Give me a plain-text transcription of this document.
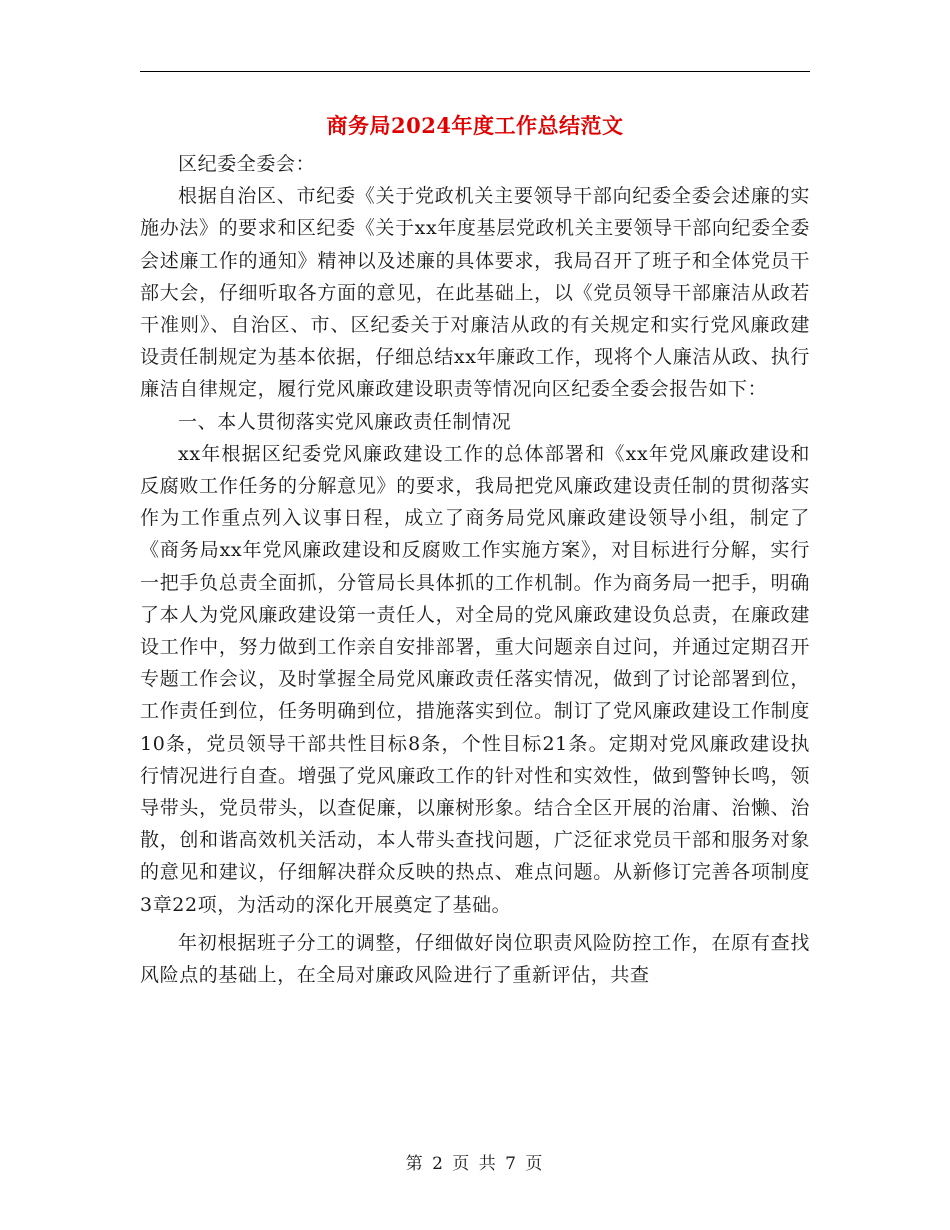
商务局2024年度工作总结范文

区纪委全委会：

根据自治区、市纪委《关于党政机关主要领导干部向纪委全委会述廉的实施办法》的要求和区纪委《关于xx年度基层党政机关主要领导干部向纪委全委会述廉工作的通知》精神以及述廉的具体要求，我局召开了班子和全体党员干部大会，仔细听取各方面的意见，在此基础上，以《党员领导干部廉洁从政若干准则》、自治区、市、区纪委关于对廉洁从政的有关规定和实行党风廉政建设责任制规定为基本依据，仔细总结xx年廉政工作，现将个人廉洁从政、执行廉洁自律规定，履行党风廉政建设职责等情况向区纪委全委会报告如下：

一、本人贯彻落实党风廉政责任制情况

xx年根据区纪委党风廉政建设工作的总体部署和《xx年党风廉政建设和反腐败工作任务的分解意见》的要求，我局把党风廉政建设责任制的贯彻落实作为工作重点列入议事日程，成立了商务局党风廉政建设领导小组，制定了《商务局xx年党风廉政建设和反腐败工作实施方案》，对目标进行分解，实行一把手负总责全面抓，分管局长具体抓的工作机制。作为商务局一把手，明确了本人为党风廉政建设第一责任人，对全局的党风廉政建设负总责，在廉政建设工作中，努力做到工作亲自安排部署，重大问题亲自过问，并通过定期召开专题工作会议，及时掌握全局党风廉政责任落实情况，做到了讨论部署到位，工作责任到位，任务明确到位，措施落实到位。制订了党风廉政建设工作制度10条，党员领导干部共性目标8条，个性目标21条。定期对党风廉政建设执行情况进行自查。增强了党风廉政工作的针对性和实效性，做到警钟长鸣，领导带头，党员带头，以查促廉，以廉树形象。结合全区开展的治庸、治懒、治散，创和谐高效机关活动，本人带头查找问题，广泛征求党员干部和服务对象的意见和建议，仔细解决群众反映的热点、难点问题。从新修订完善各项制度3章22项，为活动的深化开展奠定了基础。

年初根据班子分工的调整，仔细做好岗位职责风险防控工作，在原有查找风险点的基础上，在全局对廉政风险进行了重新评估，共查

第 2 页 共 7 页
